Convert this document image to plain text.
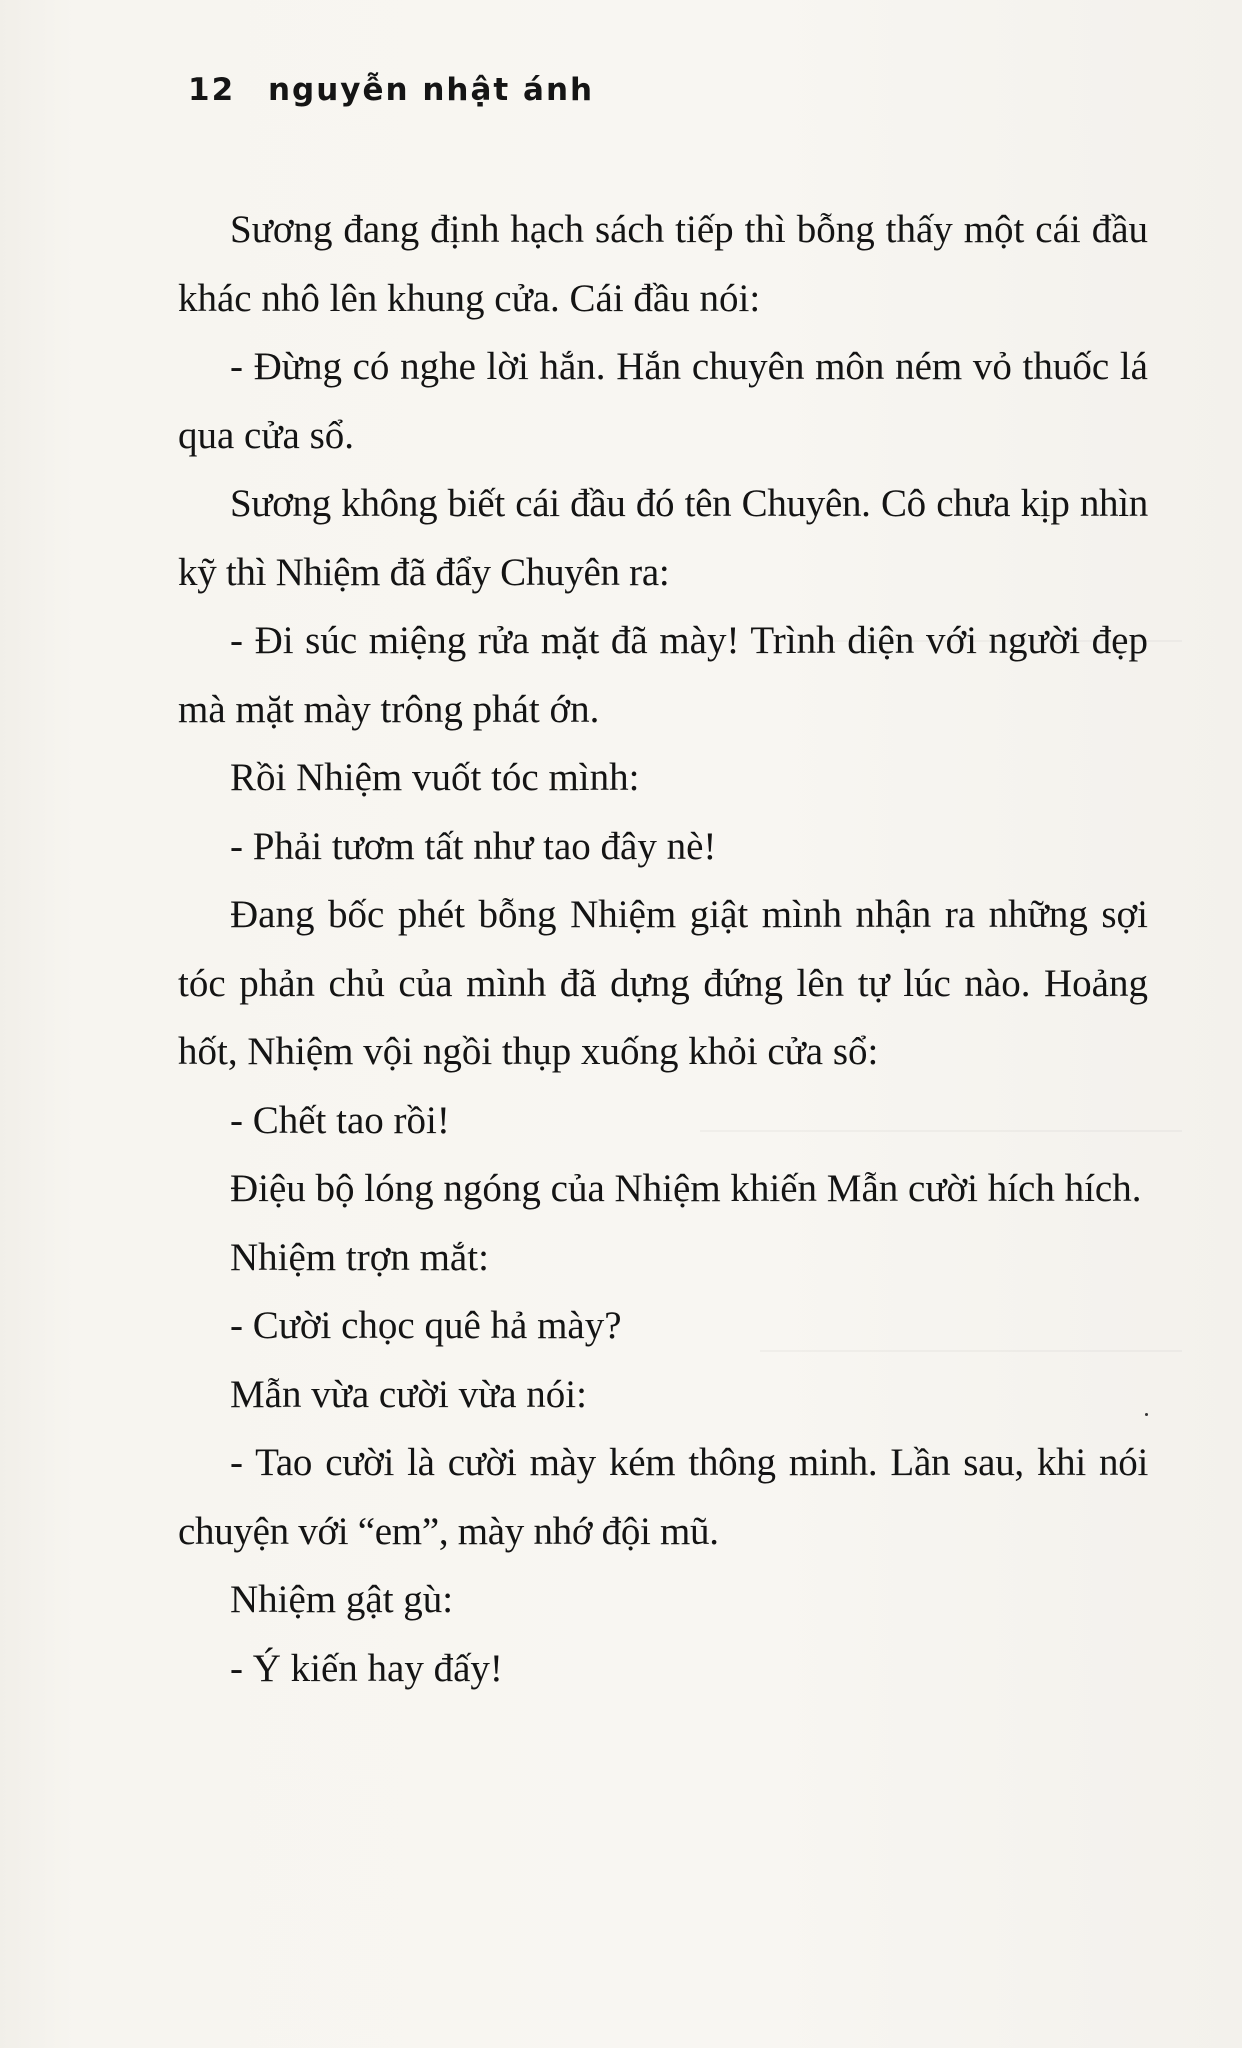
12 nguyễn nhật ánh

Sương đang định hạch sách tiếp thì bỗng thấy một cái đầu khác nhô lên khung cửa. Cái đầu nói:

- Đừng có nghe lời hắn. Hắn chuyên môn ném vỏ thuốc lá qua cửa sổ.

Sương không biết cái đầu đó tên Chuyên. Cô chưa kịp nhìn kỹ thì Nhiệm đã đẩy Chuyên ra:

- Đi súc miệng rửa mặt đã mày! Trình diện với người đẹp mà mặt mày trông phát ớn.

Rồi Nhiệm vuốt tóc mình:

- Phải tươm tất như tao đây nè!

Đang bốc phét bỗng Nhiệm giật mình nhận ra những sợi tóc phản chủ của mình đã dựng đứng lên tự lúc nào. Hoảng hốt, Nhiệm vội ngồi thụp xuống khỏi cửa sổ:

- Chết tao rồi!

Điệu bộ lóng ngóng của Nhiệm khiến Mẫn cười hích hích.

Nhiệm trợn mắt:

- Cười chọc quê hả mày?

Mẫn vừa cười vừa nói:

- Tao cười là cười mày kém thông minh. Lần sau, khi nói chuyện với “em”, mày nhớ đội mũ.

Nhiệm gật gù:

- Ý kiến hay đấy!
